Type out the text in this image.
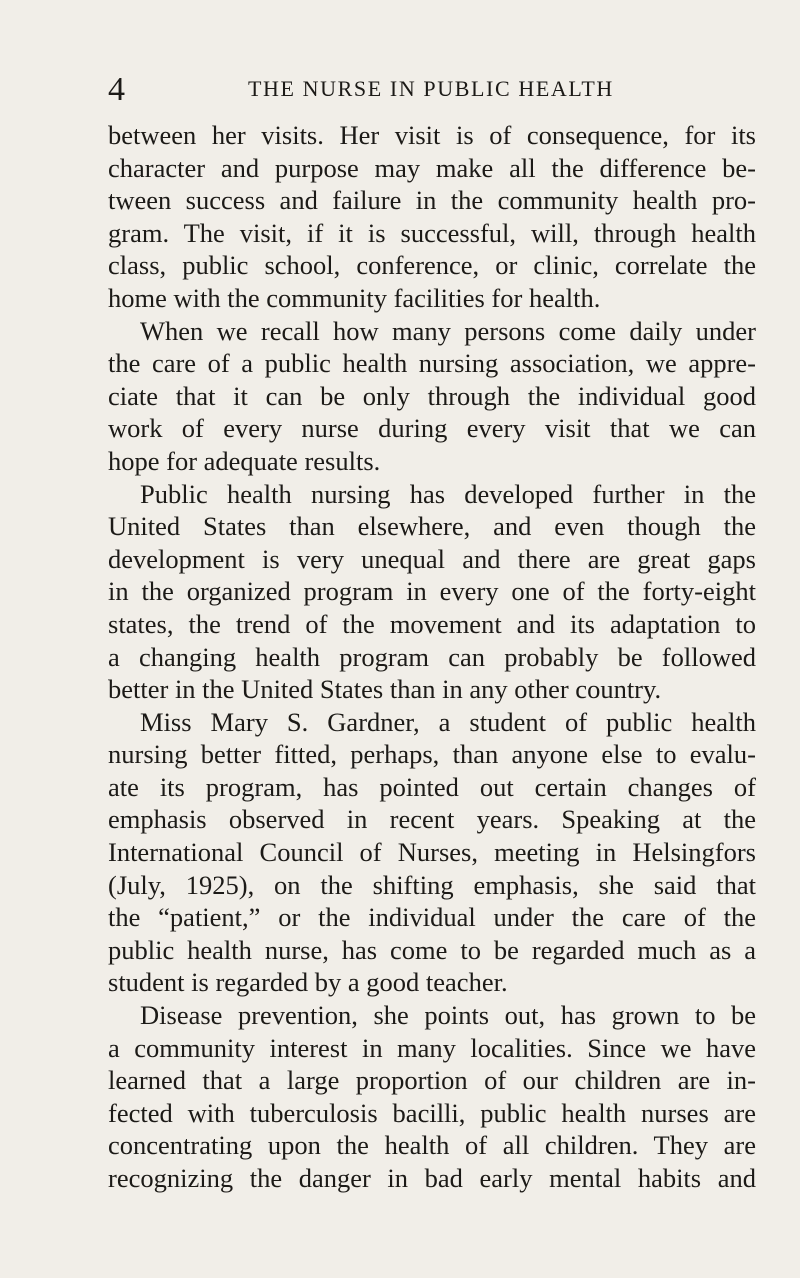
4	THE NURSE IN PUBLIC HEALTH
between her visits. Her visit is of consequence, for its
character and purpose may make all the difference be-
tween success and failure in the community health pro-
gram. The visit, if it is successful, will, through health
class, public school, conference, or clinic, correlate the
home with the community facilities for health.
When we recall how many persons come daily under
the care of a public health nursing association, we appre-
ciate that it can be only through the individual good
work of every nurse during every visit that we can
hope for adequate results.
Public health nursing has developed further in the
United States than elsewhere, and even though the
development is very unequal and there are great gaps
in the organized program in every one of the forty-eight
states, the trend of the movement and its adaptation to
a changing health program can probably be followed
better in the United States than in any other country.
Miss Mary S. Gardner, a student of public health
nursing better fitted, perhaps, than anyone else to evalu-
ate its program, has pointed out certain changes of
emphasis observed in recent years. Speaking at the
International Council of Nurses, meeting in Helsingfors
(July, 1925), on the shifting emphasis, she said that
the “patient,” or the individual under the care of the
public health nurse, has come to be regarded much as a
student is regarded by a good teacher.
Disease prevention, she points out, has grown to be
a community interest in many localities. Since we have
learned that a large proportion of our children are in-
fected with tuberculosis bacilli, public health nurses are
concentrating upon the health of all children. They are
recognizing the danger in bad early mental habits and
